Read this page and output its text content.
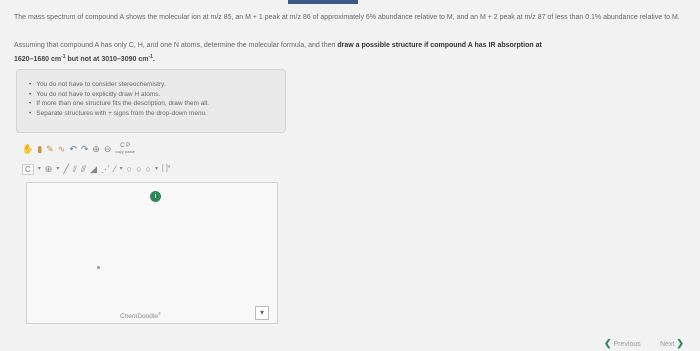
The mass spectrum of compound A shows the molecular ion at m/z 85, an M + 1 peak at m/z 86 of approximately 6% abundance relative to M, and an M + 2 peak at m/z 87 of less than 0.1% abundance relative to M.
Assuming that compound A has only C, H, and one N atoms, determine the molecular formula, and then draw a possible structure if compound A has IR absorption at
1620–1680 $cm^{-1}$ but not at 3010–3090 $cm^{-1}$.
• You do not have to consider stereochemistry.
• You do not have to explicitly draw H atoms.
• If more than one structure fits the description, draw them all.
• Separate structures with + signs from the drop-down menu.
✋ ▮ ✎ ∿ ↶ ↷ ⊕ ⊖	C P
copy paste
C	▾ ⊕ ▾ ╱ ⫽ ⫻ ◢ ⋰ ⁄ ▾ ○ ○ ○ ▾ [ ]*
i
ChemDoodle®	▾
❮ Previous	Next ❯
